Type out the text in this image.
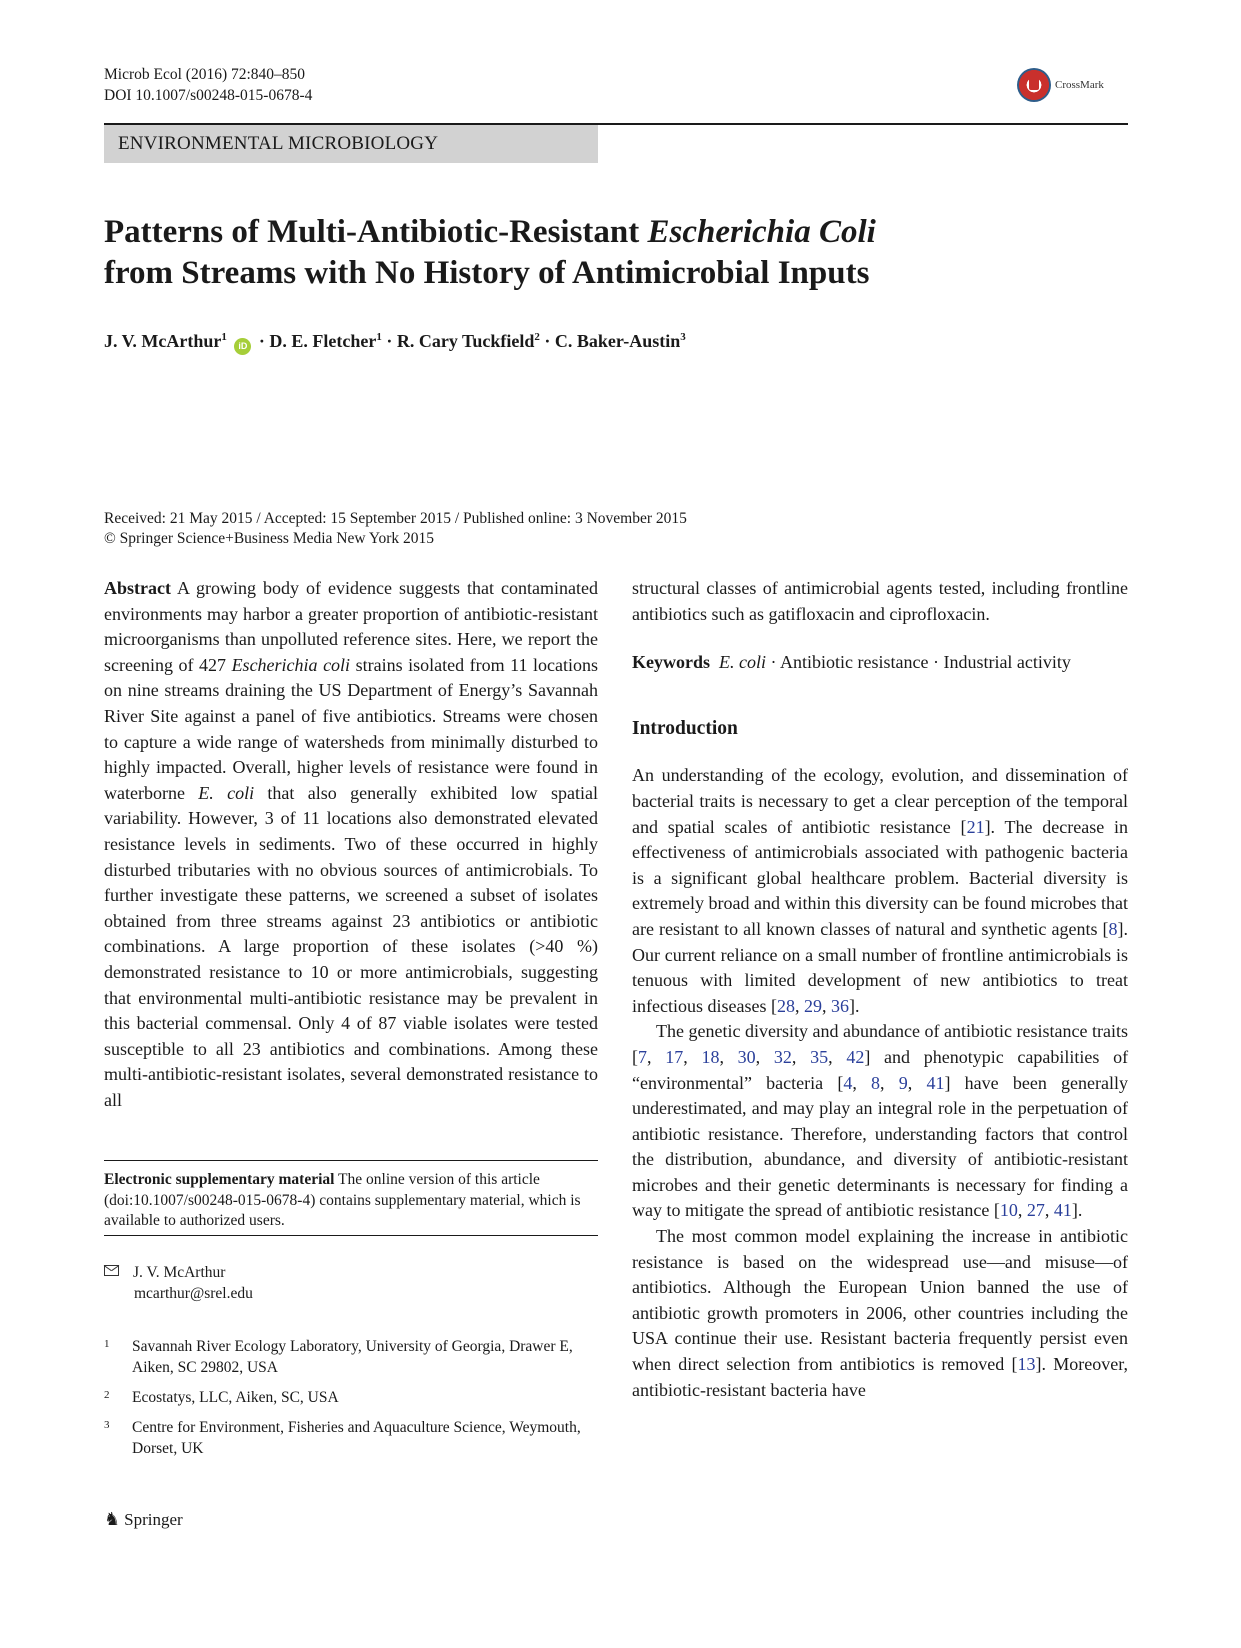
Microb Ecol (2016) 72:840–850
DOI 10.1007/s00248-015-0678-4
CrossMark
ENVIRONMENTAL MICROBIOLOGY
Patterns of Multi-Antibiotic-Resistant Escherichia Coli
from Streams with No History of Antimicrobial Inputs
J. V. McArthur$^1$ iD · D. E. Fletcher$^1$ · R. Cary Tuckfield$^2$ · C. Baker-Austin$^3$
Received: 21 May 2015 / Accepted: 15 September 2015 / Published online: 3 November 2015
© Springer Science+Business Media New York 2015

Abstract A growing body of evidence suggests that contaminated environments may harbor a greater proportion of antibiotic-resistant microorganisms than unpolluted reference sites. Here, we report the screening of 427 Escherichia coli strains isolated from 11 locations on nine streams draining the US Department of Energy’s Savannah River Site against a panel of five antibiotics. Streams were chosen to capture a wide range of watersheds from minimally disturbed to highly impacted. Overall, higher levels of resistance were found in waterborne E. coli that also generally exhibited low spatial variability. However, 3 of 11 locations also demonstrated elevated resistance levels in sediments. Two of these occurred in highly disturbed tributaries with no obvious sources of antimicrobials. To further investigate these patterns, we screened a subset of isolates obtained from three streams against 23 antibiotics or antibiotic combinations. A large proportion of these isolates (>40 %) demonstrated resistance to 10 or more antimicrobials, suggesting that environmental multi-antibiotic resistance may be prevalent in this bacterial commensal. Only 4 of 87 viable isolates were tested susceptible to all 23 antibiotics and combinations. Among these multi-antibiotic-resistant isolates, several demonstrated resistance to all

Electronic supplementary material The online version of this article (doi:10.1007/s00248-015-0678-4) contains supplementary material, which is available to authorized users.
J. V. McArthur
mcarthur@srel.edu
1 Savannah River Ecology Laboratory, University of Georgia, Drawer E, Aiken, SC 29802, USA
2 Ecostatys, LLC, Aiken, SC, USA
3 Centre for Environment, Fisheries and Aquaculture Science, Weymouth, Dorset, UK

structural classes of antimicrobial agents tested, including frontline antibiotics such as gatifloxacin and ciprofloxacin.

Keywords E. coli · Antibiotic resistance · Industrial activity

Introduction

An understanding of the ecology, evolution, and dissemination of bacterial traits is necessary to get a clear perception of the temporal and spatial scales of antibiotic resistance [21]. The decrease in effectiveness of antimicrobials associated with pathogenic bacteria is a significant global healthcare problem. Bacterial diversity is extremely broad and within this diversity can be found microbes that are resistant to all known classes of natural and synthetic agents [8]. Our current reliance on a small number of frontline antimicrobials is tenuous with limited development of new antibiotics to treat infectious diseases [28, 29, 36].

The genetic diversity and abundance of antibiotic resistance traits [7, 17, 18, 30, 32, 35, 42] and phenotypic capabilities of “environmental” bacteria [4, 8, 9, 41] have been generally underestimated, and may play an integral role in the perpetuation of antibiotic resistance. Therefore, understanding factors that control the distribution, abundance, and diversity of antibiotic-resistant microbes and their genetic determinants is necessary for finding a way to mitigate the spread of antibiotic resistance [10, 27, 41].

The most common model explaining the increase in antibiotic resistance is based on the widespread use—and misuse—of antibiotics. Although the European Union banned the use of antibiotic growth promoters in 2006, other countries including the USA continue their use. Resistant bacteria frequently persist even when direct selection from antibiotics is removed [13]. Moreover, antibiotic-resistant bacteria have

♞ Springer
